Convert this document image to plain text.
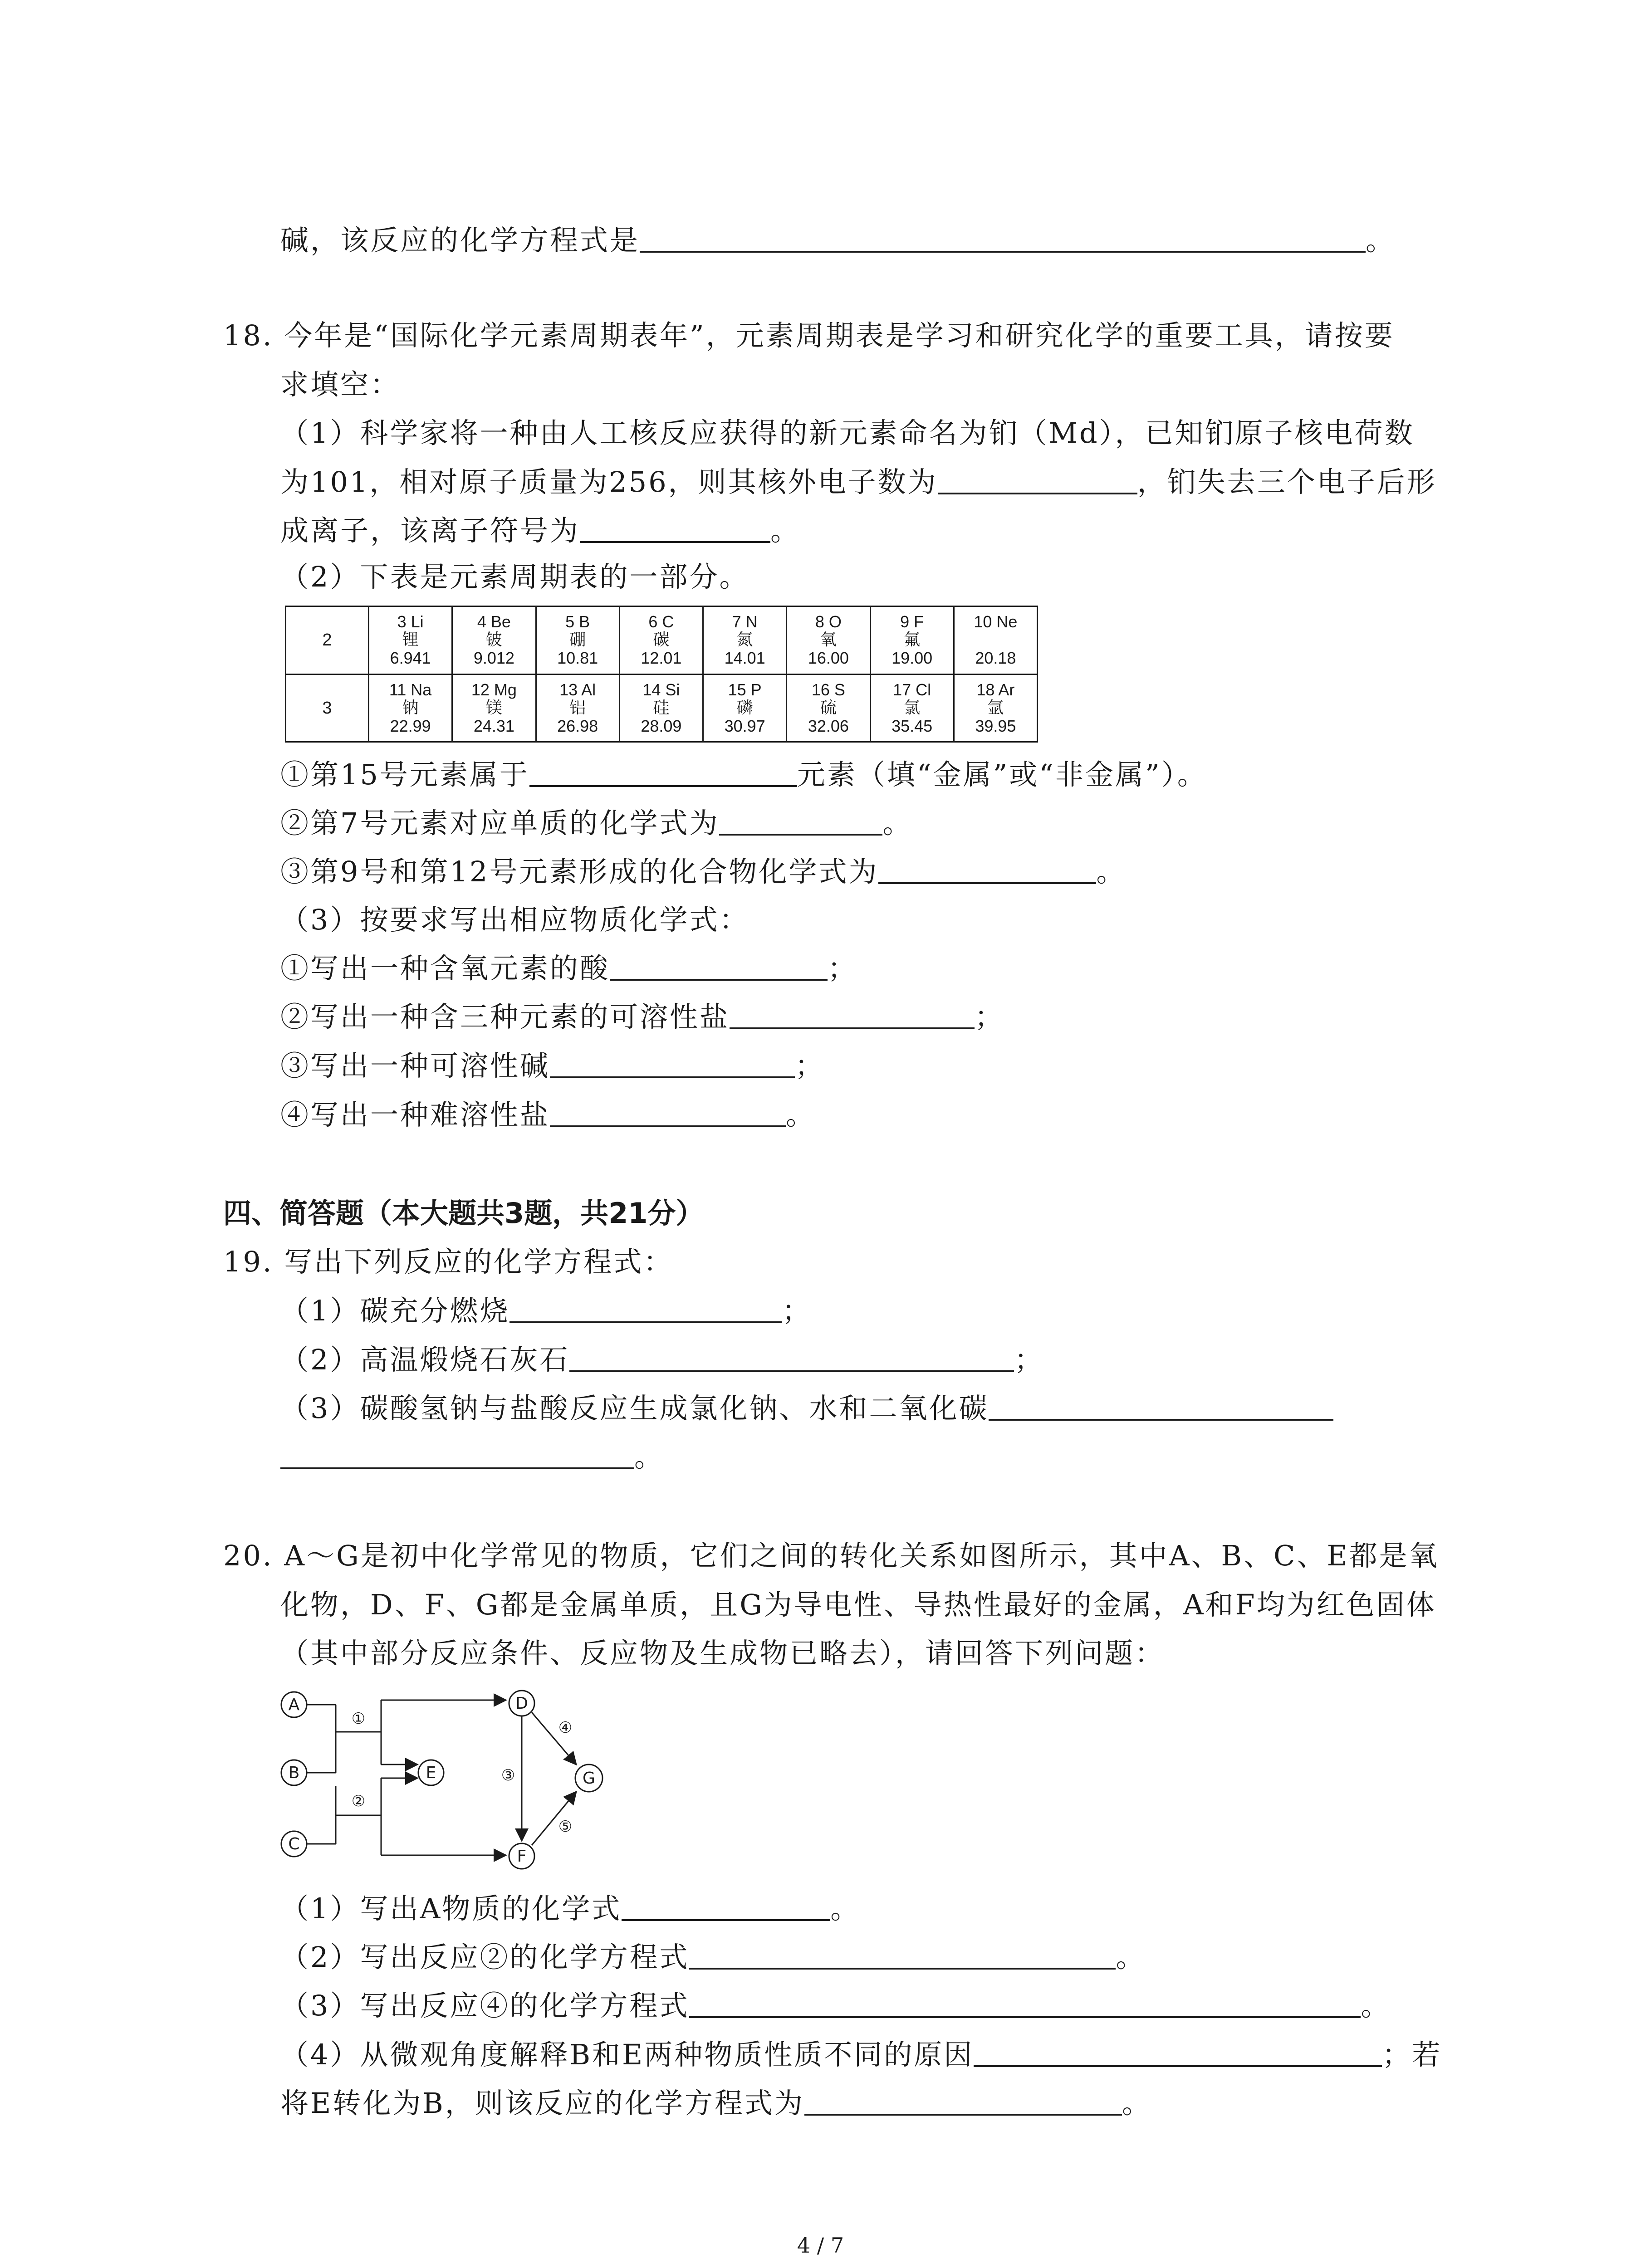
碱，该反应的化学方程式是	。
18. 今年是“国际化学元素周期表年”，元素周期表是学习和研究化学的重要工具，请按要
求填空：
（1）科学家将一种由人工核反应获得的新元素命名为钔（Md），已知钔原子核电荷数
为101，相对原子质量为256，则其核外电子数为	，钔失去三个电子后形
成离子，该离子符号为	。
（2）下表是元素周期表的一部分。
2	3 Li
锂
6.941	4 Be
铍
9.012	5 B
硼
10.81	6 C
碳
12.01	7 N
氮
14.01	8 O
氧
16.00	9 F
氟
19.00	10 Ne

20.18

3	11 Na
钠
22.99	12 Mg
镁
24.31	13 Al
铝
26.98	14 Si
硅
28.09	15 P
磷
30.97	16 S
硫
32.06	17 Cl
氯
35.45	18 Ar
氩
39.95
①第15号元素属于	元素（填“金属”或“非金属”）。
②第7号元素对应单质的化学式为	。
③第9号和第12号元素形成的化合物化学式为	。
（3）按要求写出相应物质化学式：
①写出一种含氧元素的酸	；
②写出一种含三种元素的可溶性盐	；
③写出一种可溶性碱	；
④写出一种难溶性盐	。
四、简答题（本大题共3题，共21分）
19. 写出下列反应的化学方程式：
（1）碳充分燃烧	；
（2）高温煅烧石灰石	；
（3）碳酸氢钠与盐酸反应生成氯化钠、水和二氧化碳
。
20. A～G是初中化学常见的物质，它们之间的转化关系如图所示，其中A、B、C、E都是氧
化物，D、F、G都是金属单质，且G为导电性、导热性最好的金属，A和F均为红色固体
（其中部分反应条件、反应物及生成物已略去），请回答下列问题：
A
B
C
D
E
F
G
①
②
③
④
⑤
（1）写出A物质的化学式	。
（2）写出反应②的化学方程式	。
（3）写出反应④的化学方程式	。
（4）从微观角度解释B和E两种物质性质不同的原因	；若
将E转化为B，则该反应的化学方程式为	。
4 / 7
